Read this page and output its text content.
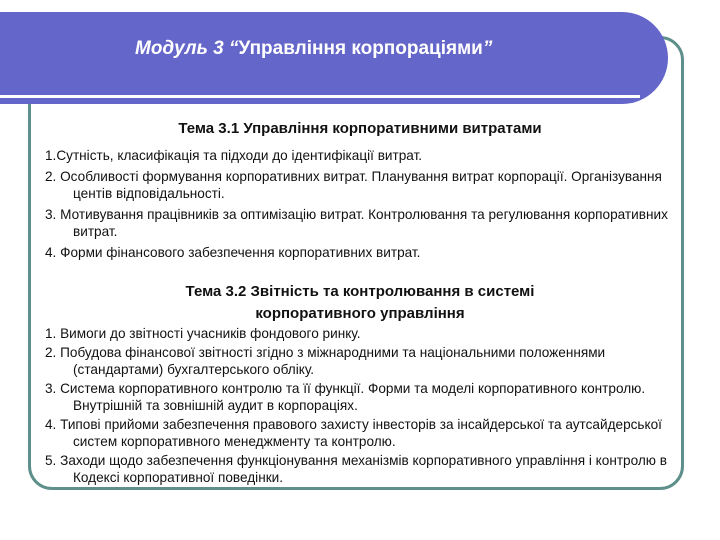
Модуль 3 “Управління корпораціями”
Тема 3.1 Управління корпоративними витратами
1.Сутність, класифікація та підходи до ідентифікації витрат.
2. Особливості формування корпоративних витрат. Планування витрат корпорації. Організування центів відповідальності.
3. Мотивування працівників за оптимізацію витрат. Контролювання та регулювання корпоративних витрат.
4. Форми фінансового забезпечення корпоративних витрат.
Тема 3.2 Звітність та контролювання в системі
корпоративного управління
1. Вимоги до звітності учасників фондового ринку.
2. Побудова фінансової звітності згідно з міжнародними та національними положеннями (стандартами) бухгалтерського обліку.
3. Система корпоративного контролю та її функції. Форми та моделі корпоративного контролю. Внутрішній та зовнішній аудит в корпораціях.
4. Типові прийоми забезпечення правового захисту інвесторів за інсайдерської та аутсайдерської систем корпоративного менеджменту та контролю.
5. Заходи щодо забезпечення функціонування механізмів корпоративного управління і контролю в Кодексі корпоративної поведінки.
